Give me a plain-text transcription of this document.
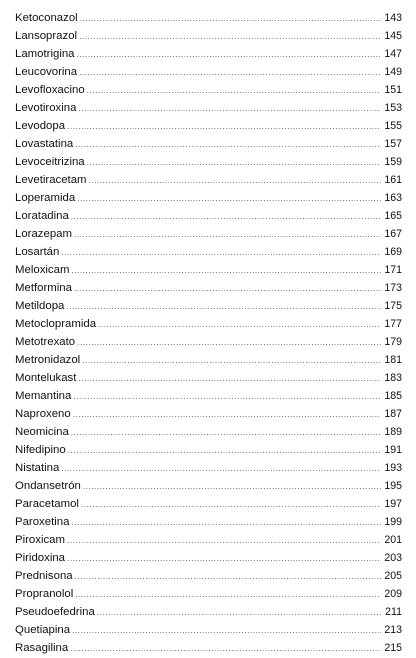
Ketoconazol .....	143
Lansoprazol .....	145
Lamotrigina .....	147
Leucovorina .....	149
Levofloxacino .....	151
Levotiroxina .....	153
Levodopa .....	155
Lovastatina .....	157
Levoceitrizina .....	159
Levetiracetam .....	161
Loperamida .....	163
Loratadina .....	165
Lorazepam .....	167
Losartán .....	169
Meloxicam .....	171
Metformina .....	173
Metildopa .....	175
Metoclopramida .....	177
Metotrexato .....	179
Metronidazol .....	181
Montelukast .....	183
Memantina .....	185
Naproxeno .....	187
Neomicina .....	189
Nifedipino .....	191
Nistatina .....	193
Ondansetrón .....	195
Paracetamol .....	197
Paroxetina .....	199
Piroxicam .....	201
Piridoxina .....	203
Prednisona .....	205
Propranolol .....	209
Pseudoefedrina .....	211
Quetiapina .....	213
Rasagilina .....	215
